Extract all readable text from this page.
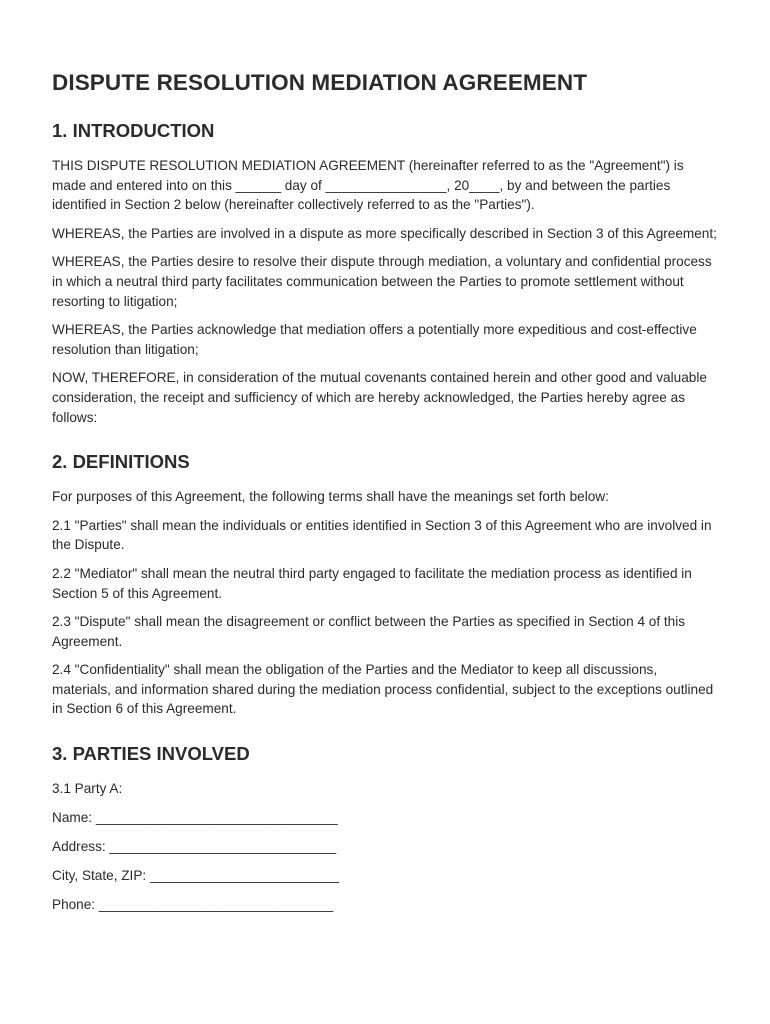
DISPUTE RESOLUTION MEDIATION AGREEMENT
1. INTRODUCTION

THIS DISPUTE RESOLUTION MEDIATION AGREEMENT (hereinafter referred to as the "Agreement") is made and entered into on this ______ day of ________________, 20____, by and between the parties identified in Section 2 below (hereinafter collectively referred to as the "Parties").

WHEREAS, the Parties are involved in a dispute as more specifically described in Section 3 of this Agreement;

WHEREAS, the Parties desire to resolve their dispute through mediation, a voluntary and confidential process in which a neutral third party facilitates communication between the Parties to promote settlement without resorting to litigation;

WHEREAS, the Parties acknowledge that mediation offers a potentially more expeditious and cost-effective resolution than litigation;

NOW, THEREFORE, in consideration of the mutual covenants contained herein and other good and valuable consideration, the receipt and sufficiency of which are hereby acknowledged, the Parties hereby agree as follows:

2. DEFINITIONS

For purposes of this Agreement, the following terms shall have the meanings set forth below:

2.1 "Parties" shall mean the individuals or entities identified in Section 3 of this Agreement who are involved in the Dispute.

2.2 "Mediator" shall mean the neutral third party engaged to facilitate the mediation process as identified in Section 5 of this Agreement.

2.3 "Dispute" shall mean the disagreement or conflict between the Parties as specified in Section 4 of this Agreement.

2.4 "Confidentiality" shall mean the obligation of the Parties and the Mediator to keep all discussions, materials, and information shared during the mediation process confidential, subject to the exceptions outlined in Section 6 of this Agreement.

3. PARTIES INVOLVED

3.1 Party A:

Name: ________________________________

Address: ______________________________

City, State, ZIP: _________________________

Phone: _______________________________
